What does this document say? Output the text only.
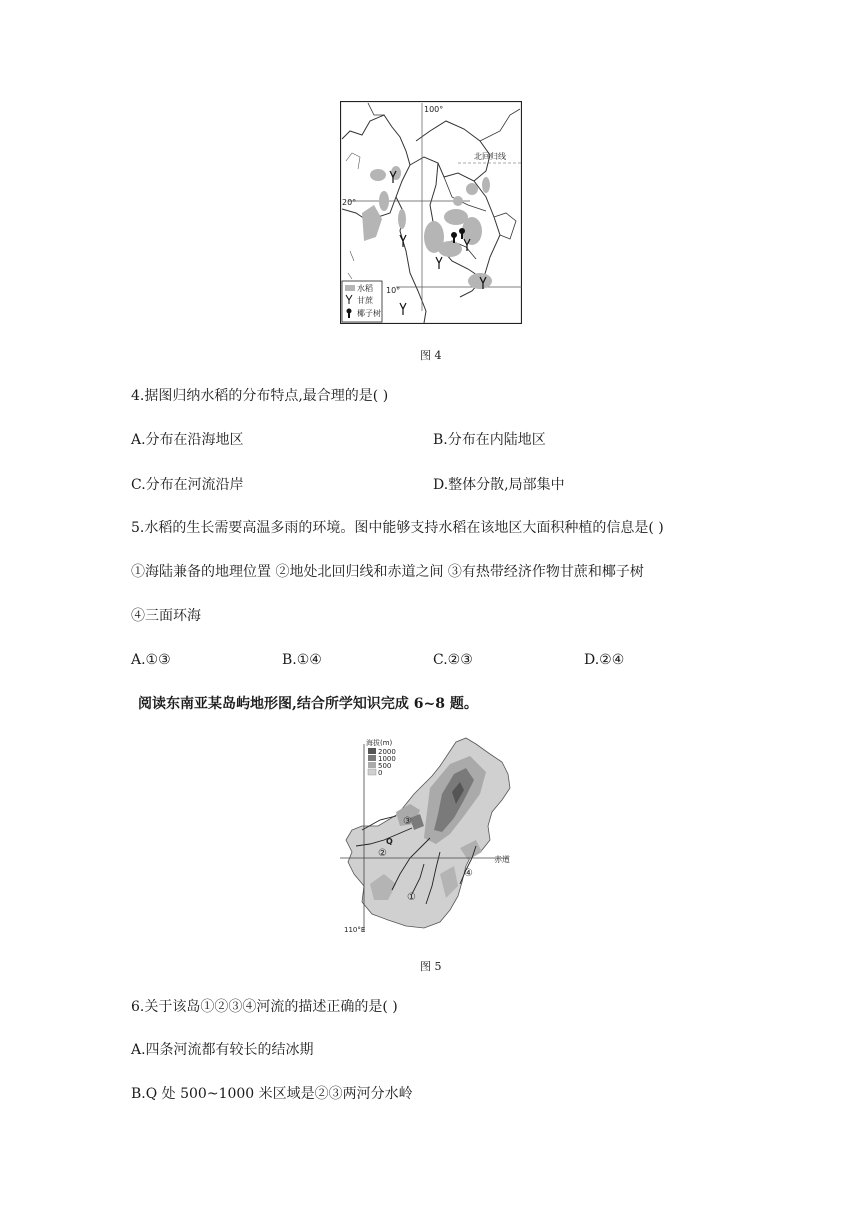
100°
北回归线
20°
10°
水稻
甘蔗
椰子树
图 4
4.据图归纳水稻的分布特点,最合理的是( )
A.分布在沿海地区	B.分布在内陆地区
C.分布在河流沿岸	D.整体分散,局部集中
5.水稻的生长需要高温多雨的环境。图中能够支持水稻在该地区大面积种植的信息是( )
①海陆兼备的地理位置 ②地处北回归线和赤道之间 ③有热带经济作物甘蔗和椰子树
④三面环海
A.①③	B.①④	C.②③	D.②④
阅读东南亚某岛屿地形图,结合所学知识完成 6~8 题。
海拔(m)
2000
1000
500
0
赤道
110°E
Q
①
②
③
④
图 5
6.关于该岛①②③④河流的描述正确的是( )
A.四条河流都有较长的结冰期
B.Q 处 500~1000 米区域是②③两河分水岭
